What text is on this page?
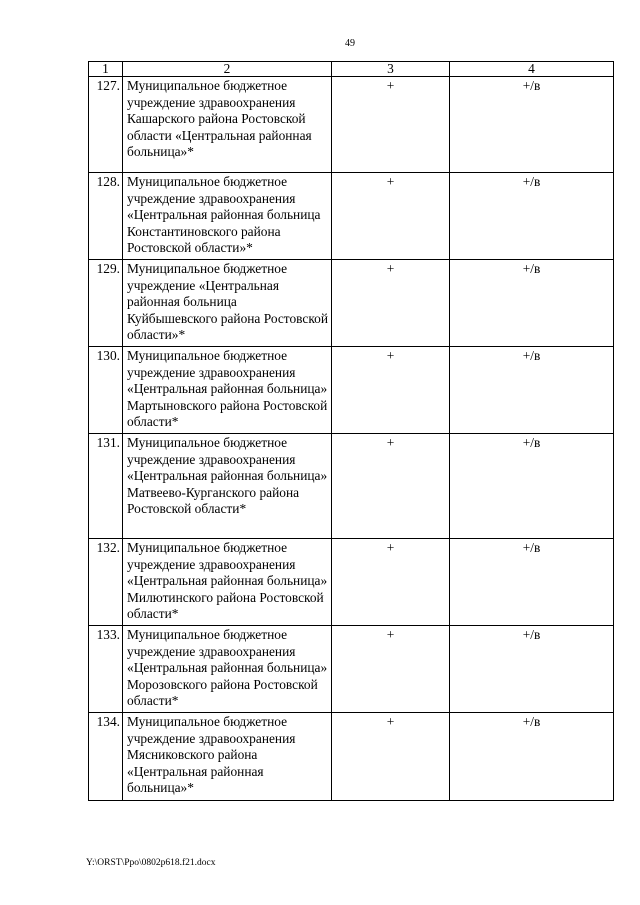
49
1	2	3	4
127.	Муниципальное бюджетное учреждение здравоохранения Кашарского района Ростовской области «Центральная районная больница»*	+	+/в
128.	Муниципальное бюджетное учреждение здравоохранения «Центральная районная больница Константиновского района Ростовской области»*	+	+/в
129.	Муниципальное бюджетное учреждение «Центральная районная больница Куйбышевского района Ростовской области»*	+	+/в
130.	Муниципальное бюджетное учреждение здравоохранения «Центральная районная больница» Мартыновского района Ростовской области*	+	+/в
131.	Муниципальное бюджетное учреждение здравоохранения «Центральная районная больница» Матвеево-Курганского района Ростовской области*	+	+/в
132.	Муниципальное бюджетное учреждение здравоохранения «Центральная районная больница» Милютинского района Ростовской области*	+	+/в
133.	Муниципальное бюджетное учреждение здравоохранения «Центральная районная больница» Морозовского района Ростовской области*	+	+/в
134.	Муниципальное бюджетное учреждение здравоохранения Мясниковского района «Центральная районная больница»*	+	+/в
Y:\ORST\Ppo\0802p618.f21.docx
